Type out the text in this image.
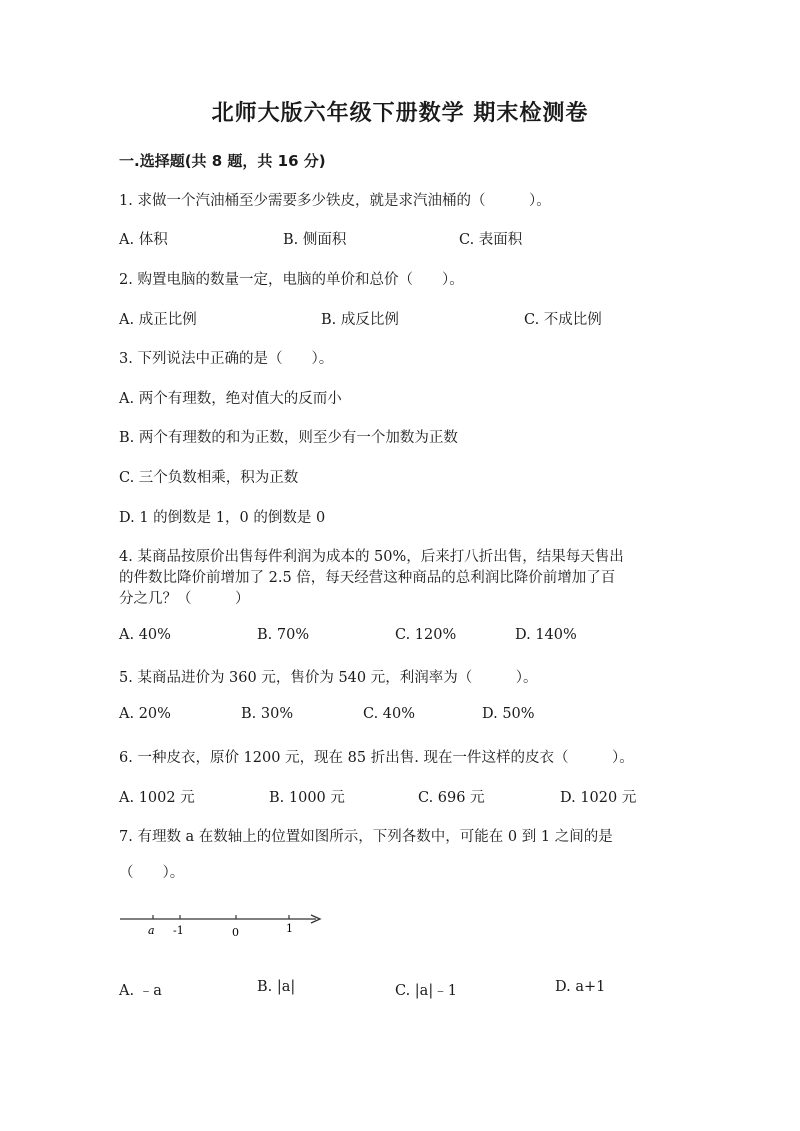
北师大版六年级下册数学 期末检测卷
一.选择题(共 8 题，共 16 分)
1. 求做一个汽油桶至少需要多少铁皮，就是求汽油桶的（　　　）。
A. 体积	B. 侧面积	C. 表面积
2. 购置电脑的数量一定，电脑的单价和总价（　　）。
A. 成正比例	B. 成反比例	C. 不成比例
3. 下列说法中正确的是（　　）。
A. 两个有理数，绝对值大的反而小
B. 两个有理数的和为正数，则至少有一个加数为正数
C. 三个负数相乘，积为正数
D. 1 的倒数是 1，0 的倒数是 0
4. 某商品按原价出售每件利润为成本的 50%，后来打八折出售，结果每天售出
的件数比降价前增加了 2.5 倍，每天经营这种商品的总利润比降价前增加了百
分之几？（　　　）
A. 40%	B. 70%	C. 120%	D. 140%
5. 某商品进价为 360 元，售价为 540 元，利润率为（　　　）。
A. 20%	B. 30%	C. 40%	D. 50%
6. 一种皮衣，原价 1200 元，现在 85 折出售. 现在一件这样的皮衣（　　　）。
A. 1002 元	B. 1000 元	C. 696 元	D. 1020 元
7. 有理数 a 在数轴上的位置如图所示，下列各数中，可能在 0 到 1 之间的是
（　　）。
a -1	0	1
A. ﹣a	B. |a|	C. |a|﹣1	D. a+1
